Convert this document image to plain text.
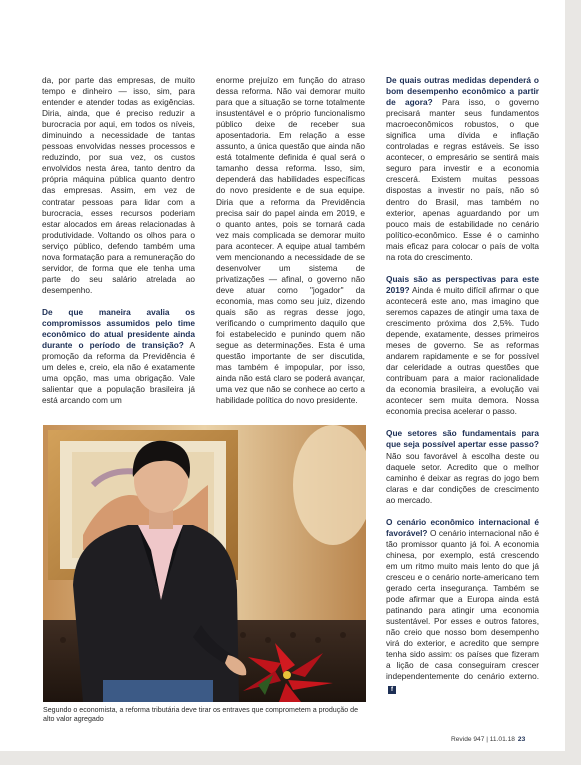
da, por parte das empresas, de muito tempo e dinheiro — isso, sim, para entender e atender todas as exigências. Diria, ainda, que é preciso reduzir a burocracia por aqui, em todos os níveis, diminuindo a necessidade de tantas pessoas envolvidas nesses processos e reduzindo, por sua vez, os custos envolvidos nesta área, tanto dentro da própria máquina pública quanto dentro das empresas. Assim, em vez de contratar pessoas para lidar com a burocracia, esses recursos poderiam estar alocados em áreas relacionadas à produtividade. Voltando os olhos para o serviço público, defendo também uma nova formatação para a remuneração do servidor, de forma que ele tenha uma parte do seu salário atrelada ao desempenho.

De que maneira avalia os compromissos assumidos pelo time econômico do atual presidente ainda durante o período de transição? A promoção da reforma da Previdência é um deles e, creio, ela não é exatamente uma opção, mas uma obrigação. Vale salientar que a população brasileira já está arcando com um

enorme prejuízo em função do atraso dessa reforma. Não vai demorar muito para que a situação se torne totalmente insustentável e o próprio funcionalismo público deixe de receber sua aposentadoria. Em relação a esse assunto, a única questão que ainda não está totalmente definida é qual será o tamanho dessa reforma. Isso, sim, dependerá das habilidades específicas do novo presidente e de sua equipe. Diria que a reforma da Previdência precisa sair do papel ainda em 2019, e o quanto antes, pois se tornará cada vez mais complicada se demorar muito para acontecer. A equipe atual também vem mencionando a necessidade de se desenvolver um sistema de privatizações — afinal, o governo não deve atuar como "jogador" da economia, mas como seu juiz, dizendo quais são as regras desse jogo, verificando o cumprimento daquilo que foi estabelecido e punindo quem não segue as determinações. Esta é uma questão importante de ser discutida, mas também é impopular, por isso, ainda não está claro se poderá avançar, uma vez que não se conhece ao certo a habilidade política do novo presidente.

De quais outras medidas dependerá o bom desempenho econômico a partir de agora? Para isso, o governo precisará manter seus fundamentos macroeconômicos robustos, o que significa uma dívida e inflação controladas e regras estáveis. Se isso acontecer, o empresário se sentirá mais seguro para investir e a economia crescerá. Existem muitas pessoas dispostas a investir no país, não só dentro do Brasil, mas também no exterior, apenas aguardando por um pouco mais de estabilidade no cenário político-econômico. Esse é o caminho mais eficaz para colocar o país de volta na rota do crescimento.

Quais são as perspectivas para este 2019? Ainda é muito difícil afirmar o que acontecerá este ano, mas imagino que seremos capazes de atingir uma taxa de crescimento próxima dos 2,5%. Tudo depende, exatamente, desses primeiros meses de governo. Se as reformas andarem rapidamente e se for possível dar celeridade a outras questões que contribuam para a maior racionalidade da economia brasileira, a evolução vai acontecer sem muita demora. Nossa economia precisa acelerar o passo.

Que setores são fundamentais para que seja possível apertar esse passo? Não sou favorável à escolha deste ou daquele setor. Acredito que o melhor caminho é deixar as regras do jogo bem claras e dar condições de crescimento ao mercado.

O cenário econômico internacional é favorável? O cenário internacional não é tão promissor quanto já foi. A economia chinesa, por exemplo, está crescendo em um ritmo muito mais lento do que já cresceu e o cenário norte-americano tem gerado certa insegurança. Também se pode afirmar que a Europa ainda está patinando para atingir uma economia sustentável. Por esses e outros fatores, não creio que nosso bom desempenho virá do exterior, e acredito que sempre tenha sido assim: os países que fizeram a lição de casa conseguiram crescer independentemente do cenário externo.f

Segundo o economista, a reforma tributária deve tirar os entraves que comprometem a produção de alto valor agregado
Revide 947 | 11.01.18 23
